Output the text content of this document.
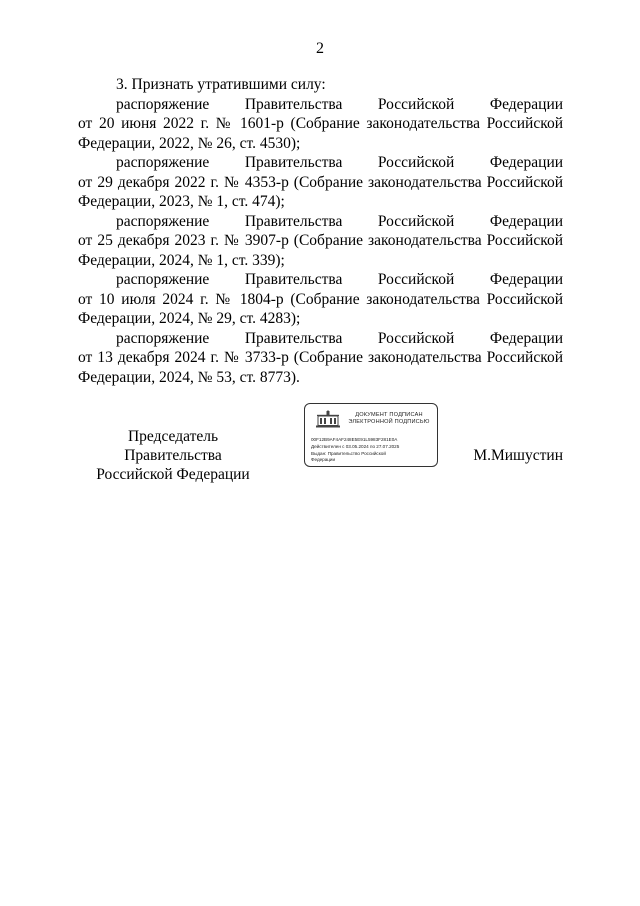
2
3. Признать утратившими силу:
распоряжение Правительства Российской Федерации
от 20 июня 2022 г. № 1601-р (Собрание законодательства Российской
Федерации, 2022, № 26, ст. 4530);
распоряжение Правительства Российской Федерации
от 29 декабря 2022 г. № 4353-р (Собрание законодательства Российской
Федерации, 2023, № 1, ст. 474);
распоряжение Правительства Российской Федерации
от 25 декабря 2023 г. № 3907-р (Собрание законодательства Российской
Федерации, 2024, № 1, ст. 339);
распоряжение Правительства Российской Федерации
от 10 июля 2024 г. № 1804-р (Собрание законодательства Российской
Федерации, 2024, № 29, ст. 4283);
распоряжение Правительства Российской Федерации
от 13 декабря 2024 г. № 3733-р (Собрание законодательства Российской
Федерации, 2024, № 53, ст. 8773).
Председатель Правительства
Российской Федерации
ДОКУМЕНТ ПОДПИСАН
ЭЛЕКТРОННОЙ ПОДПИСЬЮ
00F12B9AF4AF248E5E91L5983F281E0A
Действителен с 03.05.2024 по 27.07.2025
Выдан: Правительство Российской
Федерации	М.Мишустин
